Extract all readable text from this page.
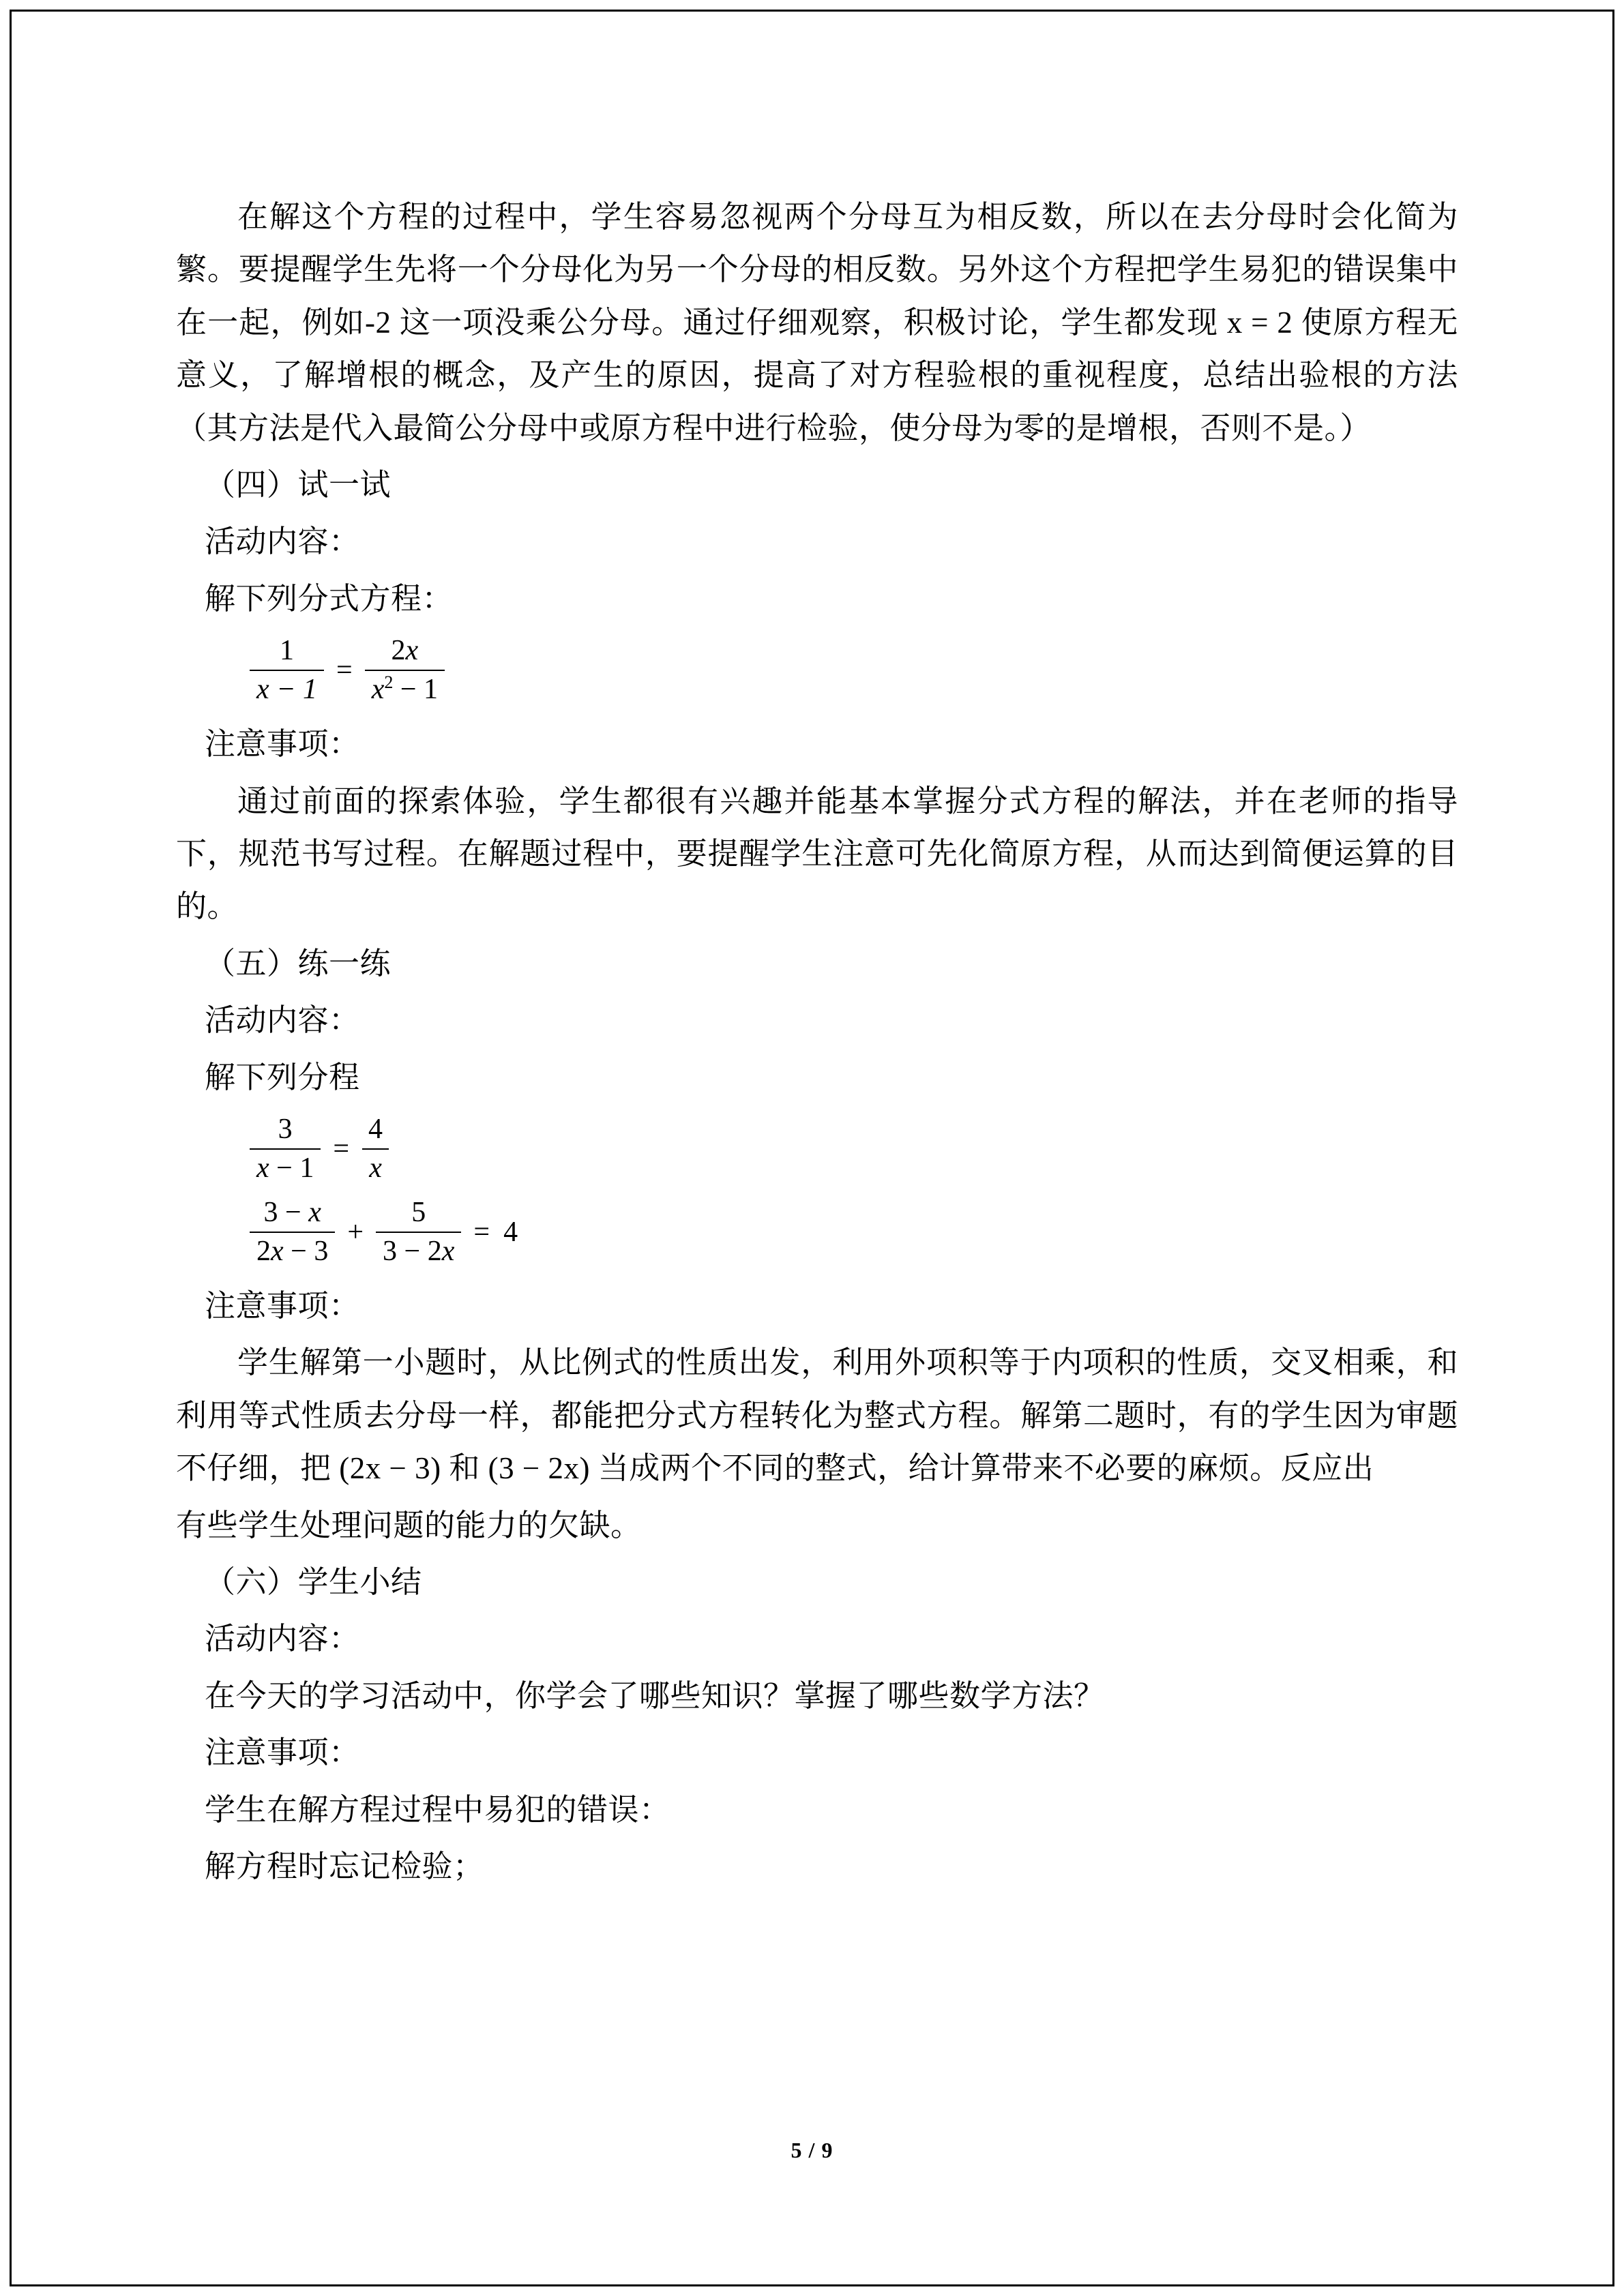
在解这个方程的过程中，学生容易忽视两个分母互为相反数，所以在去分母时会化简为繁。要提醒学生先将一个分母化为另一个分母的相反数。另外这个方程把学生易犯的错误集中在一起，例如-2 这一项没乘公分母。通过仔细观察，积极讨论，学生都发现 x = 2 使原方程无意义，了解增根的概念，及产生的原因，提高了对方程验根的重视程度，总结出验根的方法（其方法是代入最简公分母中或原方程中进行检验，使分母为零的是增根，否则不是。）

（四）试一试

活动内容：

解下列分式方程：

$\frac{1}{x - 1} = \frac{2x}{x^2 - 1}$

注意事项：

通过前面的探索体验，学生都很有兴趣并能基本掌握分式方程的解法，并在老师的指导下，规范书写过程。在解题过程中，要提醒学生注意可先化简原方程，从而达到简便运算的目的。

（五）练一练

活动内容：

解下列分程

$\frac{3}{x - 1} = \frac{4}{x}$
$\frac{3 - x}{2x - 3} + \frac{5}{3 - 2x} = 4$

注意事项：

学生解第一小题时，从比例式的性质出发，利用外项积等于内项积的性质，交叉相乘，和利用等式性质去分母一样，都能把分式方程转化为整式方程。解第二题时，有的学生因为审题不仔细，把 (2x − 3) 和 (3 − 2x) 当成两个不同的整式，给计算带来不必要的麻烦。反应出

有些学生处理问题的能力的欠缺。

（六）学生小结

活动内容：

在今天的学习活动中，你学会了哪些知识？掌握了哪些数学方法？

注意事项：

学生在解方程过程中易犯的错误：

解方程时忘记检验；

5 / 9
